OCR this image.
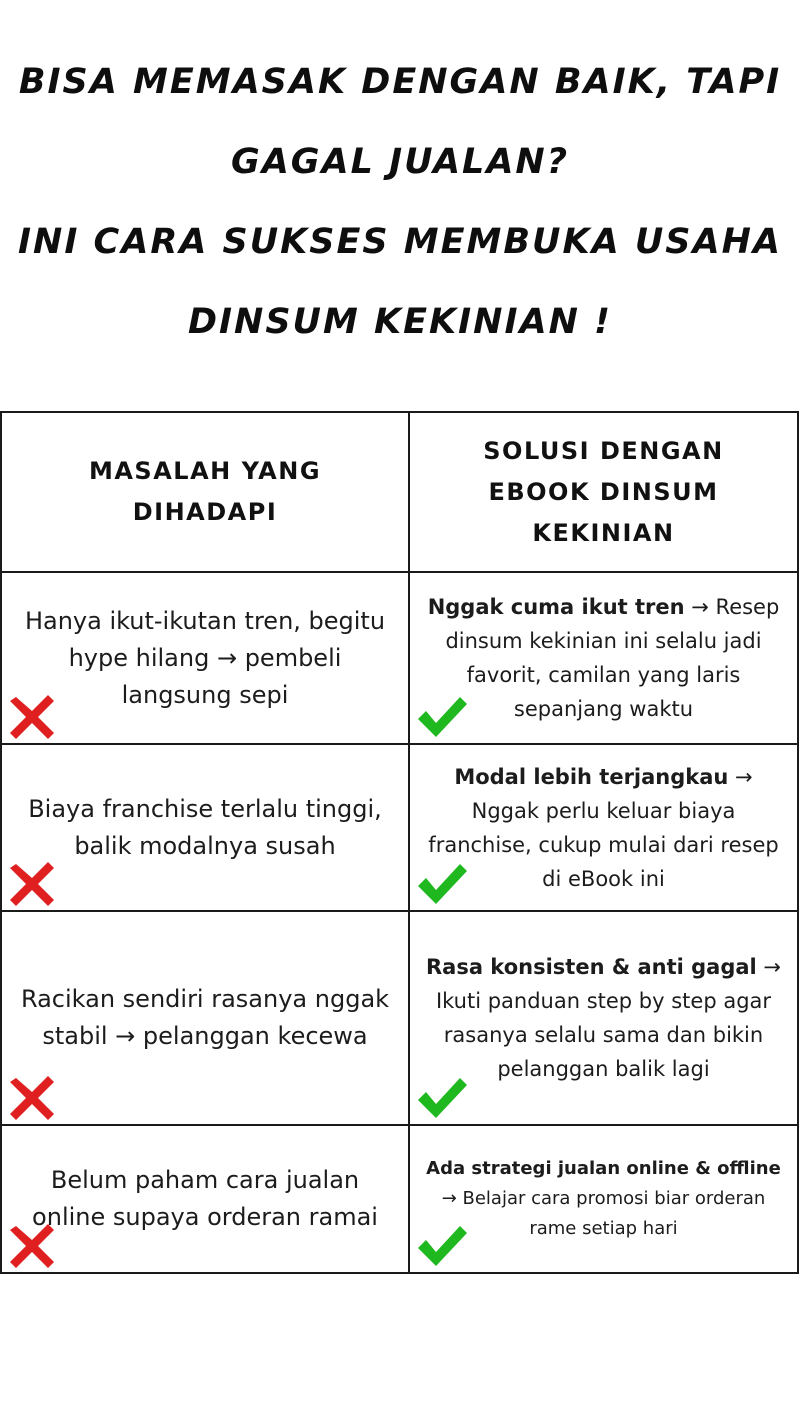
BISA MEMASAK DENGAN BAIK, TAPI
GAGAL JUALAN?
INI CARA SUKSES MEMBUKA USAHA
DINSUM KEKINIAN !
MASALAH YANG DIHADAPI	SOLUSI DENGAN EBOOK DINSUM KEKINIAN

Hanya ikut-ikutan tren, begitu hype hilang → pembeli langsung sepi	Nggak cuma ikut tren → Resep dinsum kekinian ini selalu jadi favorit, camilan yang laris sepanjang waktu

Biaya franchise terlalu tinggi, balik modalnya susah	Modal lebih terjangkau → Nggak perlu keluar biaya franchise, cukup mulai dari resep di eBook ini

Racikan sendiri rasanya nggak stabil → pelanggan kecewa	Rasa konsisten & anti gagal → Ikuti panduan step by step agar rasanya selalu sama dan bikin pelanggan balik lagi

Belum paham cara jualan online supaya orderan ramai	Ada strategi jualan online & offline → Belajar cara promosi biar orderan rame setiap hari
